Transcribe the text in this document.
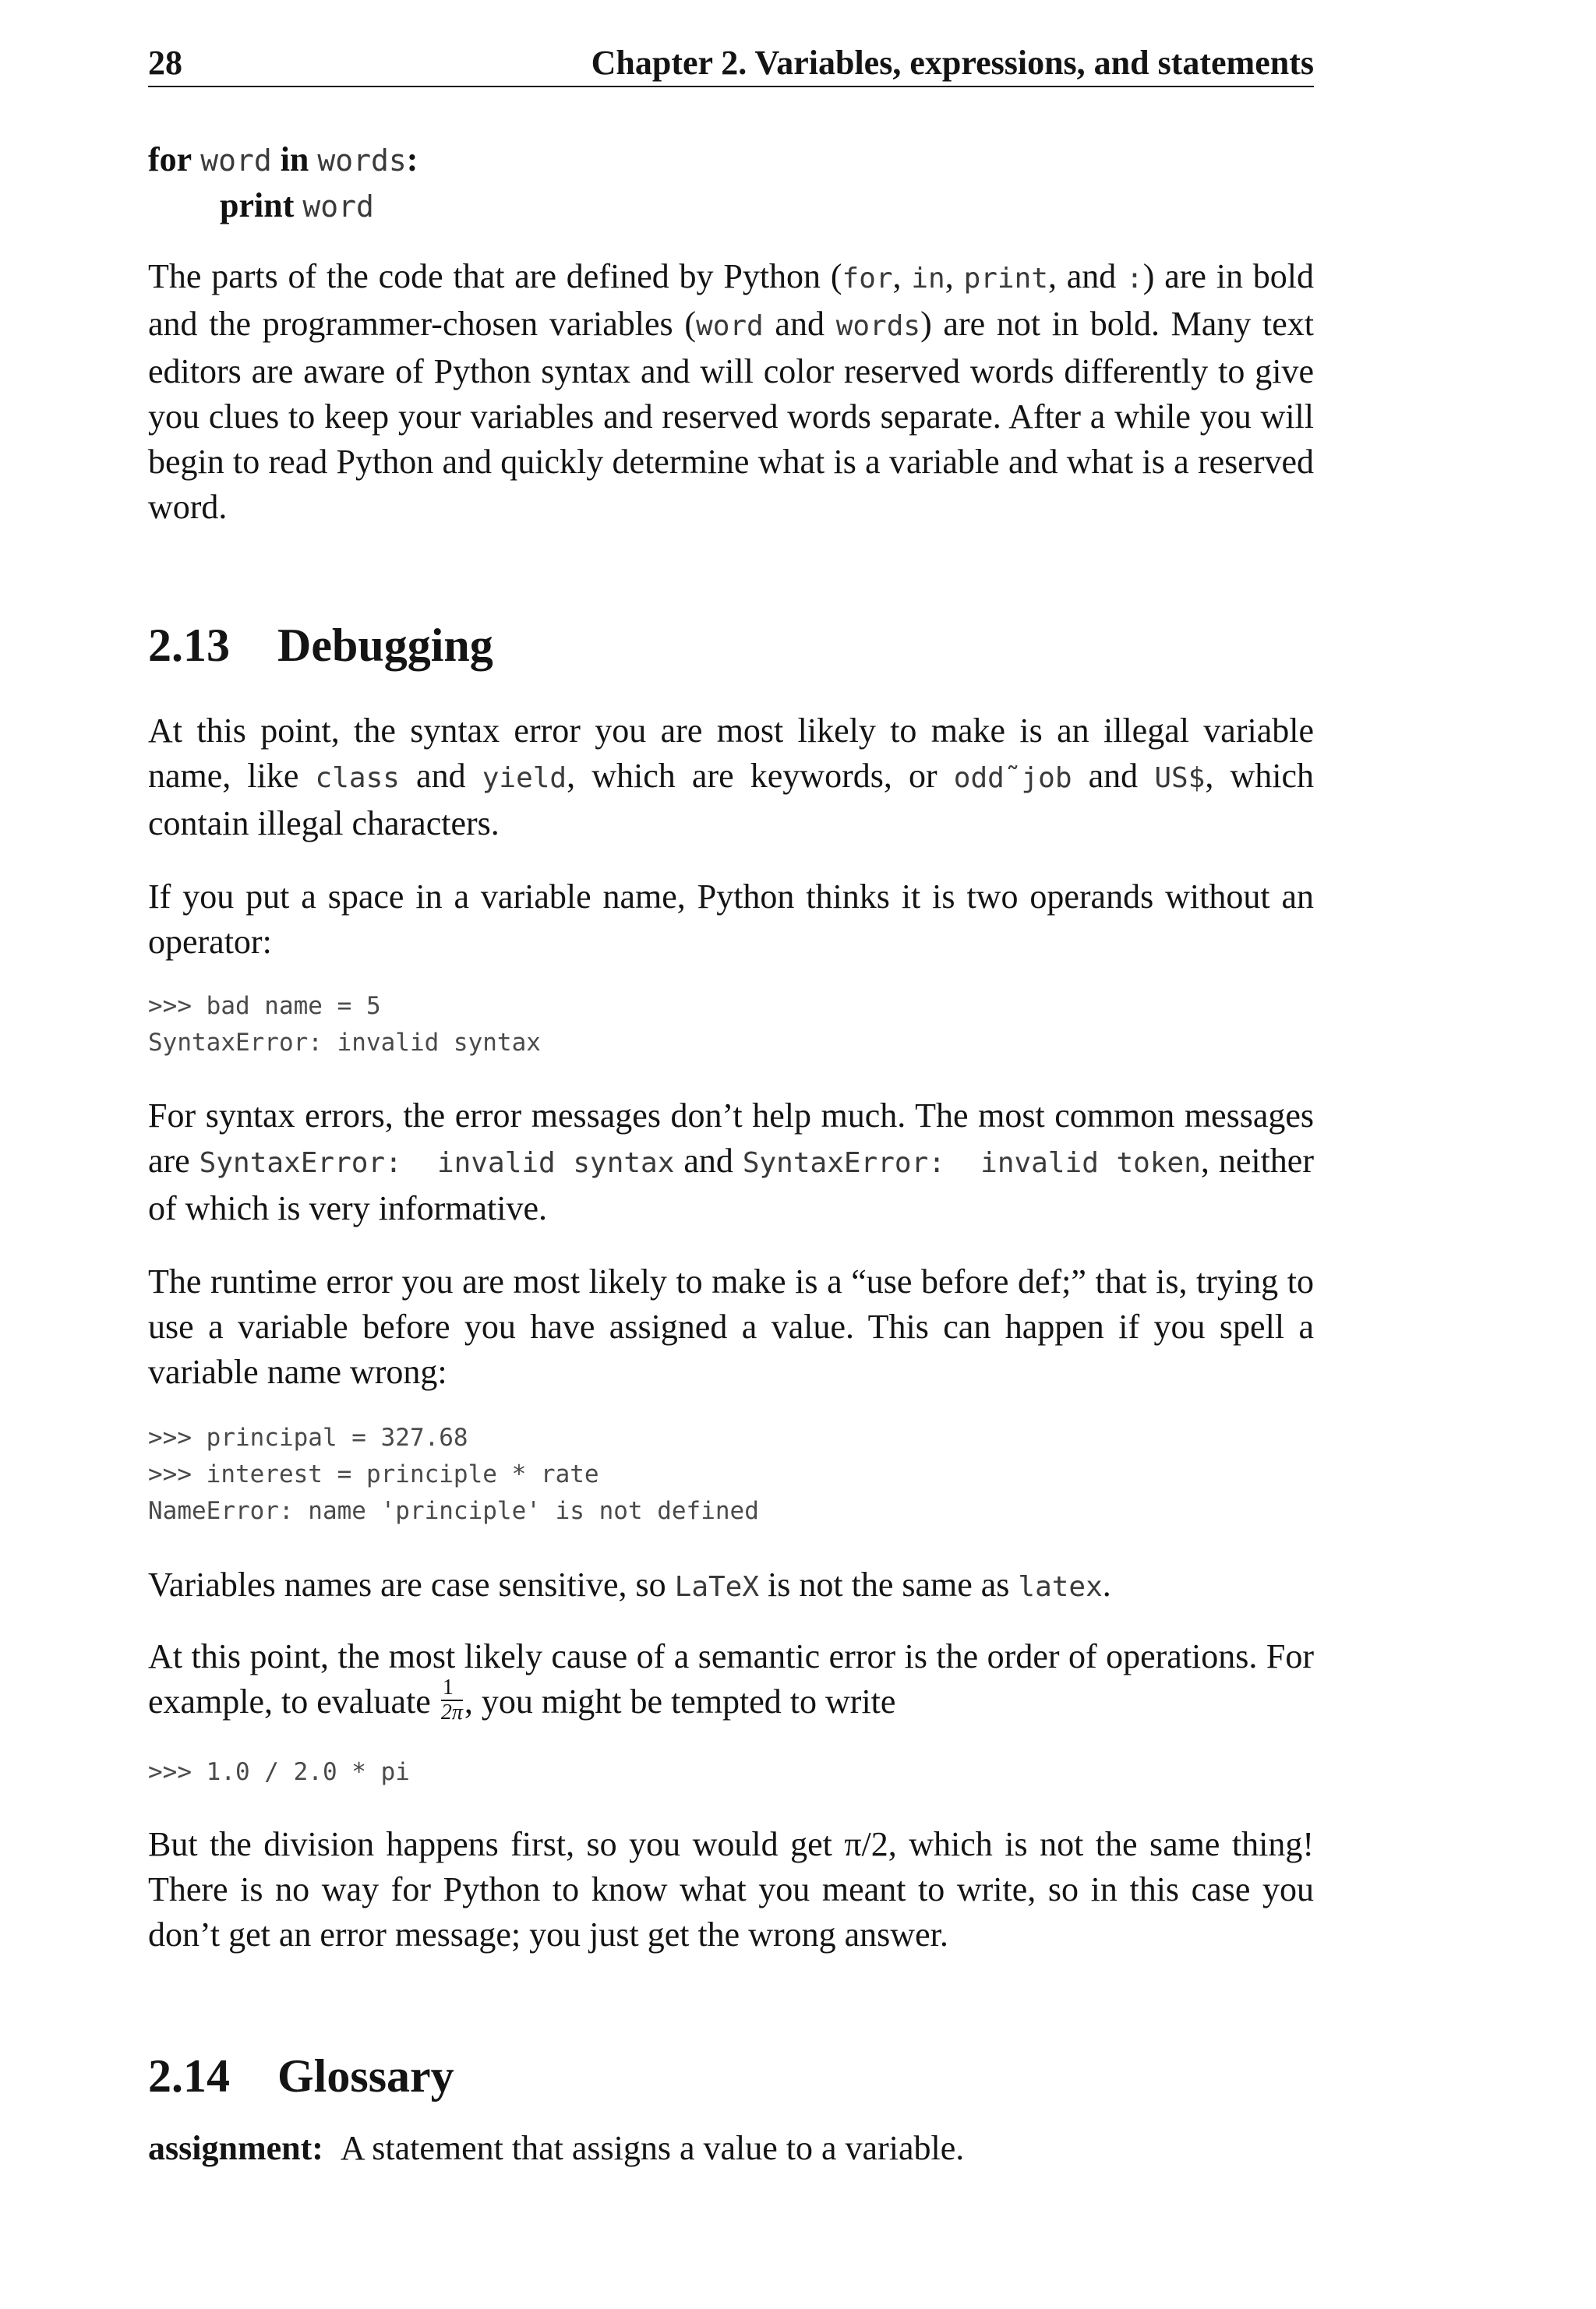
28	Chapter 2. Variables, expressions, and statements
for word in words:
print word

The parts of the code that are defined by Python (for, in, print, and :) are in bold and the programmer-chosen variables (word and words) are not in bold. Many text editors are aware of Python syntax and will color reserved words differently to give you clues to keep your variables and reserved words separate. After a while you will begin to read Python and quickly determine what is a variable and what is a reserved word.

2.13 Debugging

At this point, the syntax error you are most likely to make is an illegal variable name, like class and yield, which are keywords, or odd˜job and US$, which contain illegal characters.

If you put a space in a variable name, Python thinks it is two operands without an operator:

>>> bad name = 5
SyntaxError: invalid syntax

For syntax errors, the error messages don’t help much. The most common messages are SyntaxError:  invalid syntax and SyntaxError:  invalid token, neither of which is very informative.

The runtime error you are most likely to make is a “use before def;” that is, trying to use a variable before you have assigned a value. This can happen if you spell a variable name wrong:

>>> principal = 327.68
>>> interest = principle * rate
NameError: name 'principle' is not defined

Variables names are case sensitive, so LaTeX is not the same as latex.

At this point, the most likely cause of a semantic error is the order of operations. For example, to evaluate $\frac{1}{2\pi}$ , you might be tempted to write

>>> 1.0 / 2.0 * pi

But the division happens first, so you would get π/2, which is not the same thing! There is no way for Python to know what you meant to write, so in this case you don’t get an error message; you just get the wrong answer.

2.14 Glossary

assignment: A statement that assigns a value to a variable.
